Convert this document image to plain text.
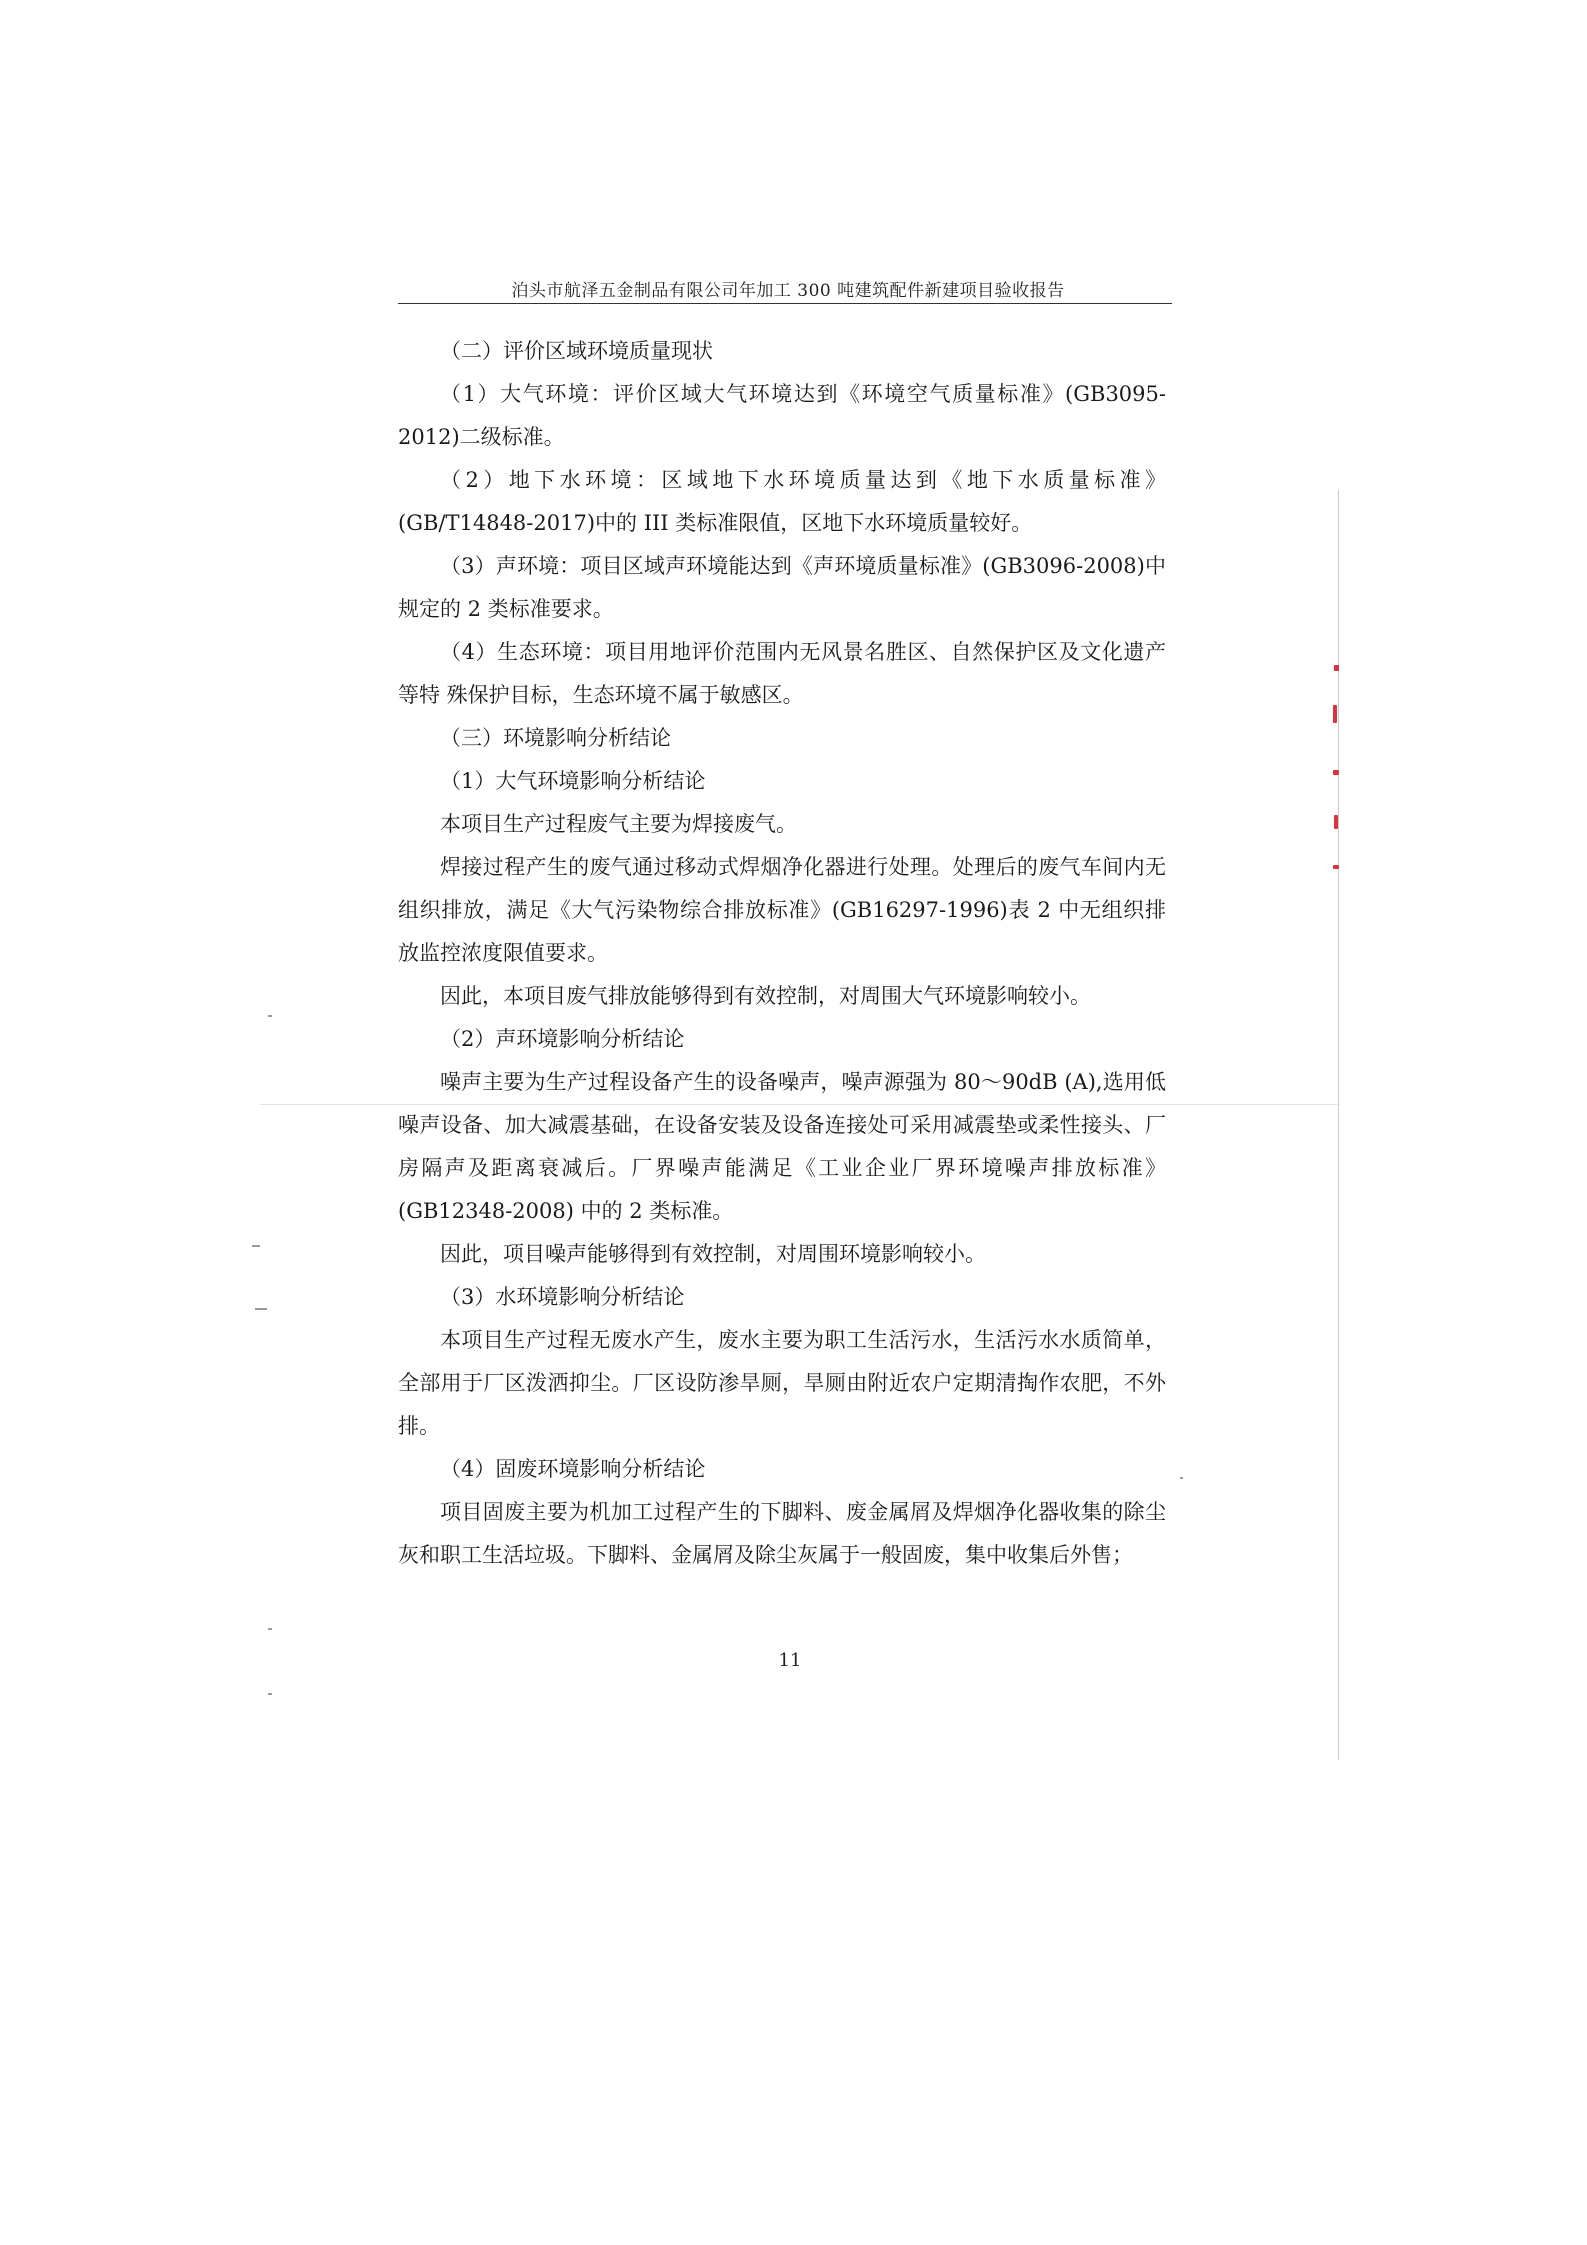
泊头市航泽五金制品有限公司年加工 300 吨建筑配件新建项目验收报告

（二）评价区域环境质量现状

（1）大气环境：评价区域大气环境达到《环境空气质量标准》(GB3095-2012)二级标准。

（2）地下水环境：区域地下水环境质量达到《地下水质量标准》(GB/T14848-2017)中的 III 类标准限值，区地下水环境质量较好。

（3）声环境：项目区域声环境能达到《声环境质量标准》(GB3096-2008)中规定的 2 类标准要求。

（4）生态环境：项目用地评价范围内无风景名胜区、自然保护区及文化遗产等特 殊保护目标，生态环境不属于敏感区。

（三）环境影响分析结论

（1）大气环境影响分析结论

本项目生产过程废气主要为焊接废气。

焊接过程产生的废气通过移动式焊烟净化器进行处理。处理后的废气车间内无组织排放，满足《大气污染物综合排放标准》(GB16297-1996)表 2 中无组织排放监控浓度限值要求。

因此，本项目废气排放能够得到有效控制，对周围大气环境影响较小。

（2）声环境影响分析结论

噪声主要为生产过程设备产生的设备噪声，噪声源强为 80～90dB (A),选用低噪声设备、加大减震基础，在设备安装及设备连接处可采用减震垫或柔性接头、厂房隔声及距离衰减后。厂界噪声能满足《工业企业厂界环境噪声排放标准》(GB12348-2008) 中的 2 类标准。

因此，项目噪声能够得到有效控制，对周围环境影响较小。

（3）水环境影响分析结论

本项目生产过程无废水产生，废水主要为职工生活污水，生活污水水质简单，全部用于厂区泼洒抑尘。厂区设防渗旱厕，旱厕由附近农户定期清掏作农肥，不外排。

（4）固废环境影响分析结论

项目固废主要为机加工过程产生的下脚料、废金属屑及焊烟净化器收集的除尘灰和职工生活垃圾。下脚料、金属屑及除尘灰属于一般固废，集中收集后外售；

11
